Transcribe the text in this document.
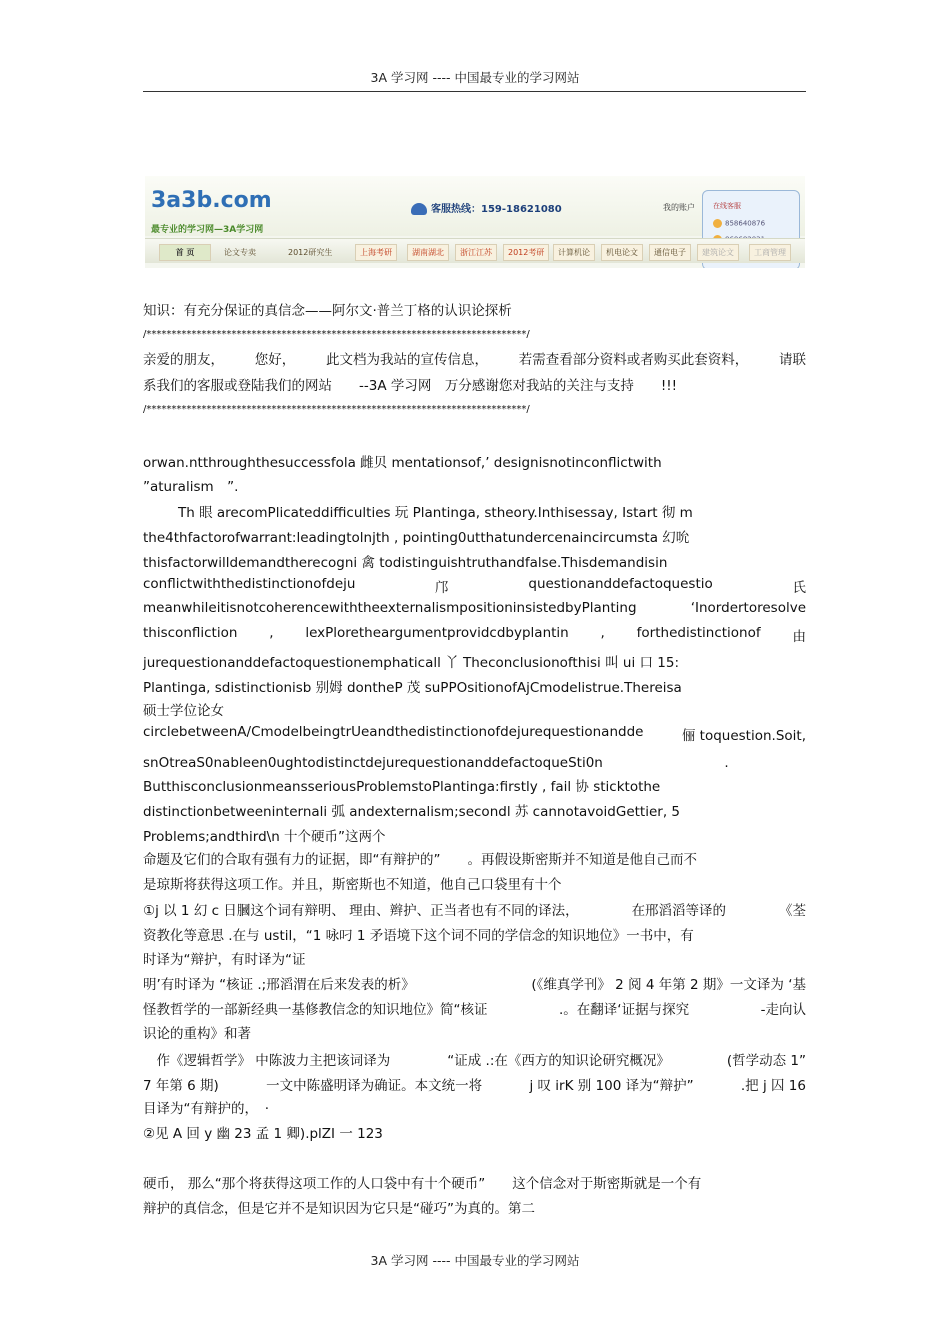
3A 学习网 ---- 中国最专业的学习网站
3a3b.com
最专业的学习网—3A学习网
客服热线：159-18621080	我的账户	在线客服
858640876
首 页	论文专卖	2012研究生	上海考研	湖南湖北	浙江江苏	2012考研	计算机论	机电论文	通信电子	建筑论文	工商管理
知识：有充分保证的真信念——阿尔文·普兰丁格的认识论探析
/****************************************************************************/
亲爱的朋友， 您好， 此文档为我站的宣传信息， 若需查看部分资料或者购买此套资料， 请联
系我们的客服或登陆我们的网站　　--3A 学习网　万分感谢您对我站的关注与支持　　!!!
/****************************************************************************/
orwan.ntthroughthesuccessfola 雌贝 mentationsof,’ designisnotinconflictwith
”aturalism　”.
Th 眼 arecomPlicateddifficulties 玩 Plantinga, stheory.Inthisessay, Istart 彻 m
the4thfactorofwarrant:leadingtolnjth , pointing0utthatundercenaincircumsta 幻吮
thisfactorwilldemandtherecogni 禽 todistinguishtruthandfalse.Thisdemandisin
conflictwiththedistinctionofdeju	邝	questionanddefactoquestio	氏
meanwhileitisnotcoherencewiththeexternalismpositioninsistedbyPlanting	‘Inordertoresolve
thisconfliction , lexPloretheargumentprovidcdbyplantin , forthedistinctionof 由
jurequestionanddefactoquestionemphaticall 丫 Theconclusionofthisi 叫 ui 口 15:
Plantinga, sdistinctionisb 别姆 dontheP 茂 suPPOsitionofAjCmodelistrue.Thereisa
硕士学位论女
circlebetweenA/CmodelbeingtrUeandthedistinctionofdejurequestionandde	俪 toquestion.Soit,
snOtreaS0nableen0ughtodistinctdejurequestionanddefactoqueSti0n　　　　　　　　　.
ButthisconclusionmeansseriousProblemstoPlantinga:firstly , fail 协 sticktothe
distinctionbetweeninternali 弧 andexternalism;secondl 苏 cannotavoidGettier, 5
Problems;andthird\n 十个硬币”这两个
命题及它们的合取有强有力的证据，即“有辩护的”　　。再假设斯密斯并不知道是他自己而不
是琼斯将获得这项工作。并且，斯密斯也不知道，他自己口袋里有十个
①j 以 1 幻 c 日膕这个词有辩明、 理由、辫护、正当者也有不同的译法，	在邢滔滔等译的	《荃
资教化等意思 .在与 ustil，“1 咏叼 1 矛语境下这个词不同的学信念的知识地位》一书中，有
时译为“辩护，有时译为“证
明’有时译为 “核证 .;邢滔渭在后来发表的析》	(《维真学刊》 2 阅 4 年第 2 期》一文译为 ‘基
怪教哲学的一部新经典一基修教信念的知识地位》简“核证	.。在翻译‘证据与探究	-走向认
识论的重构》和著
　作《逻辑哲学》 中陈波力主把该词译为	“证成 .:在《西方的知识论研究概况》	(哲学动态 1”
7 年第 6 期)	一文中陈盛明译为确证。本文统一将	j 叹 irK 别 100 译为“辩护”	.把 j 囚 16
目译为“有辩护的，　·
②见 A 回 y 幽 23 孟 1 卿).plZI 一 123
硬币， 那么“那个将获得这项工作的人口袋中有十个硬币”　　这个信念对于斯密斯就是一个有
辩护的真信念，但是它并不是知识因为它只是“碰巧”为真的。第二
3A 学习网 ---- 中国最专业的学习网站
